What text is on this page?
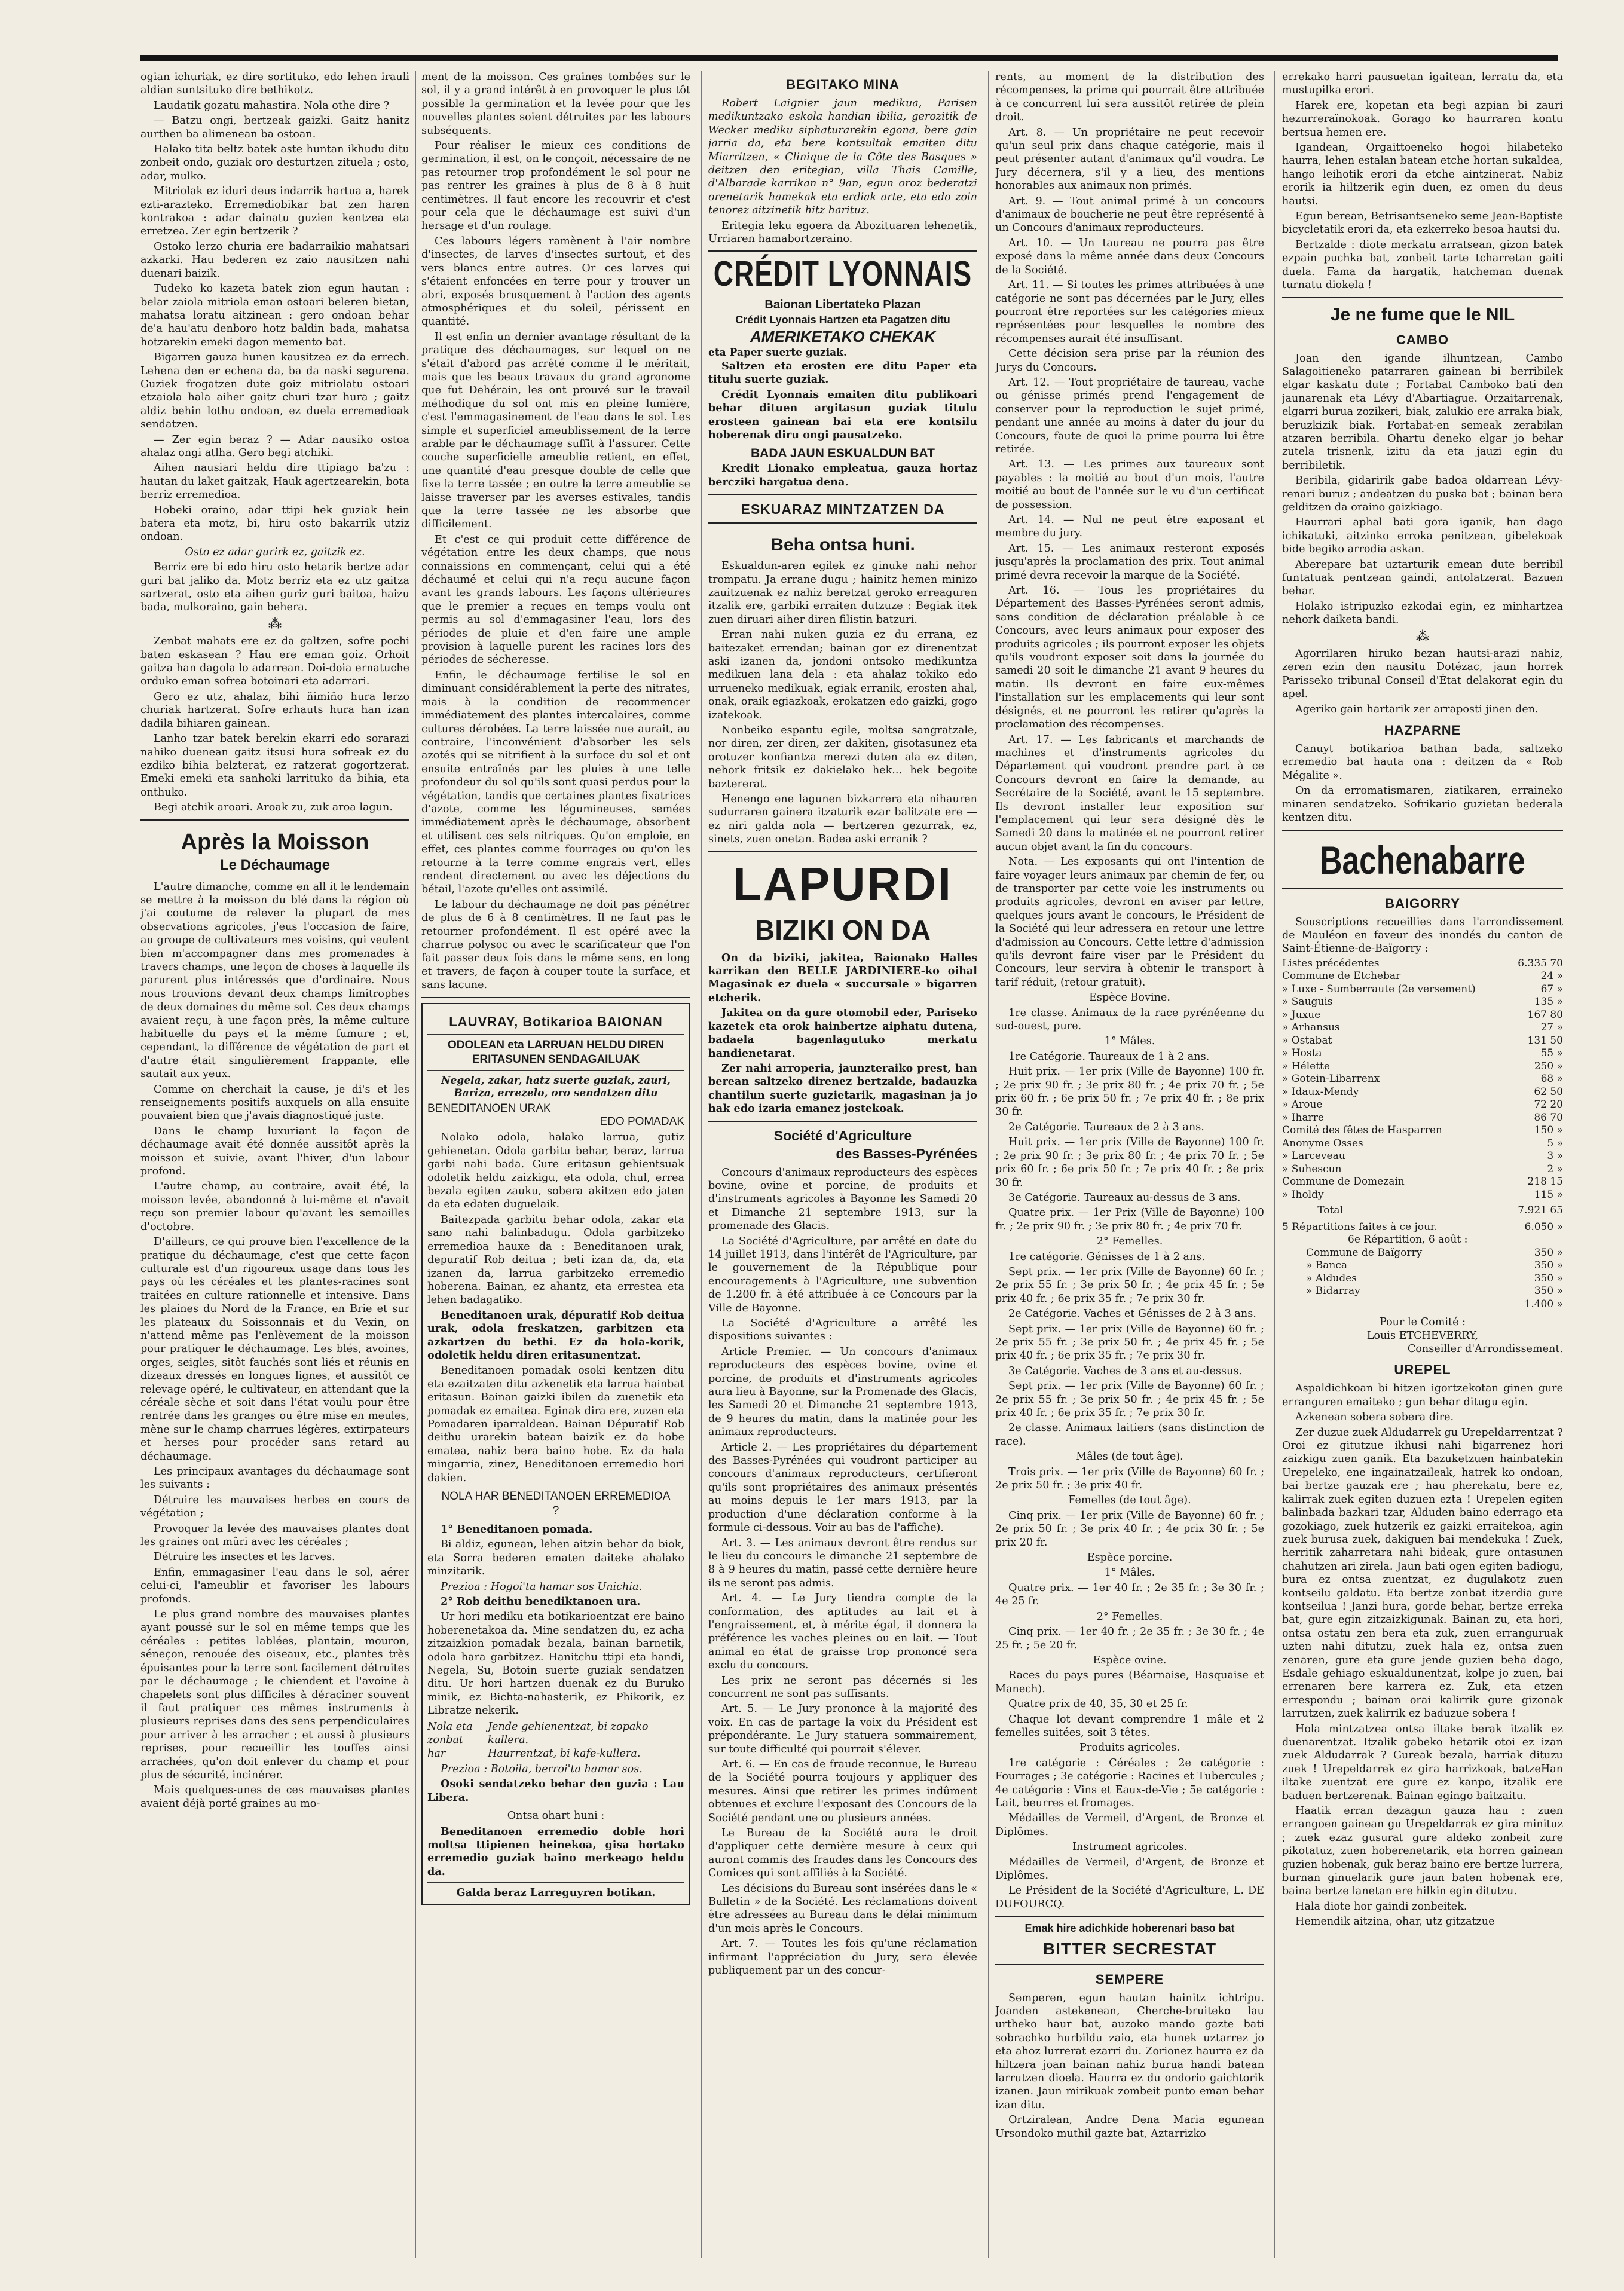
ogian ichuriak, ez dire sortituko, edo lehen irauli aldian suntsituko dire bethikotz.

Laudatik gozatu mahastira. Nola othe dire ?

— Batzu ongi, bertzeak gaizki. Gaitz hanitz aurthen ba alimenean ba ostoan.

Halako tita beltz batek aste huntan ikhudu ditu zonbeit ondo, guziak oro desturtzen zituela ; osto, adar, mulko.

Mitriolak ez iduri deus indarrik hartua a, harek ezti-arazteko. Erremediobikar bat zen haren kontrakoa : adar dainatu guzien kentzea eta erretzea. Zer egin bertzerik ?

Ostoko lerzo churia ere badarraikio mahatsari azkarki. Hau bederen ez zaio nausitzen nahi duenari baizik.

Tudeko ko kazeta batek zion egun hautan : belar zaiola mitriola eman ostoari beleren bietan, mahatsa loratu aitzinean : gero ondoan behar de'a hau'atu denboro hotz baldin bada, mahatsa hotzarekin emeki dagon memento bat.

Bigarren gauza hunen kausitzea ez da errech. Lehena den er echena da, ba da naski segurena. Guziek frogatzen dute goiz mitriolatu ostoari etzaiola hala aiher gaitz churi tzar hura ; gaitz aldiz behin lothu ondoan, ez duela erremedioak sendatzen.

— Zer egin beraz ? — Adar nausiko ostoa ahalaz ongi atlha. Gero begi atchiki.

Aihen nausiari heldu dire ttipiago ba'zu : hautan du laket gaitzak, Hauk agertzearekin, bota berriz erremedioa.

Hobeki oraino, adar ttipi hek guziak hein batera eta motz, bi, hiru osto bakarrik utziz ondoan.

Osto ez adar gurirk ez, gaitzik ez.

Berriz ere bi edo hiru osto hetarik bertze adar guri bat jaliko da. Motz berriz eta ez utz gaitza sartzerat, osto eta aihen guriz guri baitoa, haizu bada, mulkoraino, gain behera.

⁂

Zenbat mahats ere ez da galtzen, sofre pochi baten eskasean ? Hau ere eman goiz. Orhoit gaitza han dagola lo adarrean. Doi-doia ernatuche orduko eman sofrea botoinari eta adarrari.

Gero ez utz, ahalaz, bihi ñimiño hura lerzo churiak hartzerat. Sofre erhauts hura han izan dadila bihiaren gainean.

Lanho tzar batek berekin ekarri edo sorarazi nahiko duenean gaitz itsusi hura sofreak ez du ezdiko bihia belzterat, ez ratzerat gogortzerat. Emeki emeki eta sanhoki larrituko da bihia, eta onthuko.

Begi atchik aroari. Aroak zu, zuk aroa lagun.

Après la Moisson
Le Déchaumage

L'autre dimanche, comme en all it le lendemain se mettre à la moisson du blé dans la région où j'ai coutume de relever la plupart de mes observations agricoles, j'eus l'occasion de faire, au groupe de cultivateurs mes voisins, qui veulent bien m'accompagner dans mes promenades à travers champs, une leçon de choses à laquelle ils parurent plus intéressés que d'ordinaire. Nous nous trouvions devant deux champs limitrophes de deux domaines du même sol. Ces deux champs avaient reçu, à une façon près, la même culture habituelle du pays et la même fumure ; et, cependant, la différence de végétation de part et d'autre était singulièrement frappante, elle sautait aux yeux.

Comme on cherchait la cause, je di's et les renseignements positifs auxquels on alla ensuite pouvaient bien que j'avais diagnostiqué juste.

Dans le champ luxuriant la façon de déchaumage avait été donnée aussitôt après la moisson et suivie, avant l'hiver, d'un labour profond.

L'autre champ, au contraire, avait été, la moisson levée, abandonné à lui-même et n'avait reçu son premier labour qu'avant les semailles d'octobre.

D'ailleurs, ce qui prouve bien l'excellence de la pratique du déchaumage, c'est que cette façon culturale est d'un rigoureux usage dans tous les pays où les céréales et les plantes-racines sont traitées en culture rationnelle et intensive. Dans les plaines du Nord de la France, en Brie et sur les plateaux du Soissonnais et du Vexin, on n'attend même pas l'enlèvement de la moisson pour pratiquer le déchaumage. Les blés, avoines, orges, seigles, sitôt fauchés sont liés et réunis en dizeaux dressés en longues lignes, et aussitôt ce relevage opéré, le cultivateur, en attendant que la céréale sèche et soit dans l'état voulu pour être rentrée dans les granges ou être mise en meules, mène sur le champ charrues légères, extirpateurs et herses pour procéder sans retard au déchaumage.

Les principaux avantages du déchaumage sont les suivants :

Détruire les mauvaises herbes en cours de végétation ;

Provoquer la levée des mauvaises plantes dont les graines ont mûri avec les céréales ;

Détruire les insectes et les larves.

Enfin, emmagasiner l'eau dans le sol, aérer celui-ci, l'ameublir et favoriser les labours profonds.

Le plus grand nombre des mauvaises plantes ayant poussé sur le sol en même temps que les céréales : petites lablées, plantain, mouron, séneçon, renouée des oiseaux, etc., plantes très épuisantes pour la terre sont facilement détruites par le déchaumage ; le chiendent et l'avoine à chapelets sont plus difficiles à déraciner souvent il faut pratiquer ces mêmes instruments à plusieurs reprises dans des sens perpendiculaires pour arriver à les arracher ; et aussi à plusieurs reprises, pour recueillir les touffes ainsi arrachées, qu'on doit enlever du champ et pour plus de sécurité, incinérer.

Mais quelques-unes de ces mauvaises plantes avaient déjà porté graines au mo-

ment de la moisson. Ces graines tombées sur le sol, il y a grand intérêt à en provoquer le plus tôt possible la germination et la levée pour que les nouvelles plantes soient détruites par les labours subséquents.

Pour réaliser le mieux ces conditions de germination, il est, on le conçoit, nécessaire de ne pas retourner trop profondément le sol pour ne pas rentrer les graines à plus de 8 à 8 huit centimètres. Il faut encore les recouvrir et c'est pour cela que le déchaumage est suivi d'un hersage et d'un roulage.

Ces labours légers ramènent à l'air nombre d'insectes, de larves d'insectes surtout, et des vers blancs entre autres. Or ces larves qui s'étaient enfoncées en terre pour y trouver un abri, exposés brusquement à l'action des agents atmosphériques et du soleil, périssent en quantité.

Il est enfin un dernier avantage résultant de la pratique des déchaumages, sur lequel on ne s'était d'abord pas arrêté comme il le méritait, mais que les beaux travaux du grand agronome que fut Dehérain, les ont prouvé sur le travail méthodique du sol ont mis en pleine lumière, c'est l'emmagasinement de l'eau dans le sol. Les simple et superficiel ameublissement de la terre arable par le déchaumage suffit à l'assurer. Cette couche superficielle ameublie retient, en effet, une quantité d'eau presque double de celle que fixe la terre tassée ; en outre la terre ameublie se laisse traverser par les averses estivales, tandis que la terre tassée ne les absorbe que difficilement.

Et c'est ce qui produit cette différence de végétation entre les deux champs, que nous connaissions en commençant, celui qui a été déchaumé et celui qui n'a reçu aucune façon avant les grands labours. Les façons ultérieures que le premier a reçues en temps voulu ont permis au sol d'emmagasiner l'eau, lors des périodes de pluie et d'en faire une ample provision à laquelle purent les racines lors des périodes de sécheresse.

Enfin, le déchaumage fertilise le sol en diminuant considérablement la perte des nitrates, mais à la condition de recommencer immédiatement des plantes intercalaires, comme cultures dérobées. La terre laissée nue aurait, au contraire, l'inconvénient d'absorber les sels azotés qui se nitrifient à la surface du sol et ont ensuite entraînés par les pluies à une telle profondeur du sol qu'ils sont quasi perdus pour la végétation, tandis que certaines plantes fixatrices d'azote, comme les légumineuses, semées immédiatement après le déchaumage, absorbent et utilisent ces sels nitriques. Qu'on emploie, en effet, ces plantes comme fourrages ou qu'on les retourne à la terre comme engrais vert, elles rendent directement ou avec les déjections du bétail, l'azote qu'elles ont assimilé.

Le labour du déchaumage ne doit pas pénétrer de plus de 6 à 8 centimètres. Il ne faut pas le retourner profondément. Il est opéré avec la charrue polysoc ou avec le scarificateur que l'on fait passer deux fois dans le même sens, en long et travers, de façon à couper toute la surface, et sans lacune.

LAUVRAY, Botikarioa BAIONAN
ODOLEAN eta LARRUAN HELDU DIREN ERITASUNEN SENDAGAILUAK
Negela, zakar, hatz suerte guziak, zauri, Bariza, errezelo, oro sendatzen ditu
BENEDITANOEN URAK
EDO POMADAK

Nolako odola, halako larrua, gutiz gehienetan. Odola garbitu behar, beraz, larrua garbi nahi bada. Gure eritasun gehientsuak odoletik heldu zaizkigu, eta odola, chul, errea bezala egiten zauku, sobera akitzen edo jaten da eta edaten duguelaik.

Baitezpada garbitu behar odola, zakar eta sano nahi balinbadugu. Odola garbitzeko erremedioa hauxe da : Beneditanoen urak, depuratif Rob deitua ; beti izan da, da, eta izanen da, larrua garbitzeko erremedio hoberena. Bainan, ez ahantz, eta errestea eta lehen badagatiko.

Beneditanoen urak, dépuratif Rob deitua urak, odola freskatzen, garbitzen eta azkartzen du bethi. Ez da hola-korik, odoletik heldu diren eritasunentzat.

Beneditanoen pomadak osoki kentzen ditu eta ezaitzaten ditu azkenetik eta larrua hainbat eritasun. Bainan gaizki ibilen da zuenetik eta pomadak ez emaitea. Eginak dira ere, zuzen eta Pomadaren iparraldean. Bainan Dépuratif Rob deithu urarekin batean baizik ez da hobe ematea, nahiz bera baino hobe. Ez da hala mingarria, zinez, Beneditanoen erremedio hori dakien.

NOLA HAR BENEDITANOEN ERREMEDIOA ?

1° Beneditanoen pomada.

Bi aldiz, egunean, lehen aitzin behar da biok, eta Sorra bederen ematen daiteke ahalako minzitarik.

Prezioa : Hogoi'ta hamar sos Unichia.

2° Rob deithu benediktanoen ura.

Ur hori mediku eta botikarioentzat ere baino hoberenetakoa da. Mine sendatzen du, ez acha zitzaizkion pomadak bezala, bainan barnetik, odola hara garbitzez. Hanitchu ttipi eta handi, Negela, Su, Botoin suerte guziak sendatzen ditu. Ur hori hartzen duenak ez du Buruko minik, ez Bichta-nahasterik, ez Phikorik, ez Libratze nekerik.

Nola eta
zonbat har
Jende gehienentzat, bi zopako kullera.
Haurrentzat, bi kafe-kullera.

Prezioa : Botoila, berroi'ta hamar sos.

Osoki sendatzeko behar den guzia : Lau Libera.

Ontsa ohart huni :

Beneditanoen erremedio doble hori moltsa ttipienen heinekoa, gisa hortako erremedio guziak baino merkeago heldu da.

Galda beraz Larreguyren botikan.
BEGITAKO MINA

Robert Laignier jaun medikua, Parisen medikuntzako eskola handian ibilia, gerozitik de Wecker mediku siphaturarekin egona, bere gain jarria da, eta bere kontsultak emaiten ditu Miarritzen, « Clinique de la Côte des Basques » deitzen den eritegian, villa Thais Camille, d'Albarade karrikan n° 9an, egun oroz bederatzi orenetarik hamekak eta erdiak arte, eta edo zoin tenorez aitzinetik hitz harituz.

Eritegia leku egoera da Abozituaren lehenetik, Urriaren hamabortzeraino.

CRÉDIT LYONNAIS
Baionan Libertateko Plazan
Crédit Lyonnais Hartzen eta Pagatzen ditu
AMERIKETAKO CHEKAK
eta Paper suerte guziak.

Saltzen eta erosten ere ditu Paper eta titulu suerte guziak.

Crédit Lyonnais emaiten ditu publikoari behar dituen argitasun guziak titulu erosteen gainean bai eta ere kontsilu hoberenak diru ongi pausatzeko.

BADA JAUN ESKUALDUN BAT

Kredit Lionako empleatua, gauza hortaz bercziki hargatua dena.

ESKUARAZ MINTZATZEN DA
Beha ontsa huni.

Eskualdun-aren egilek ez ginuke nahi nehor trompatu. Ja errane dugu ; hainitz hemen minizo zauitzuenak ez nahiz beretzat geroko erreaguren itzalik ere, garbiki erraiten dutzuze : Begiak itek zuen diruari aiher diren filistin batzuri.

Erran nahi nuken guzia ez du errana, ez baitezaket errendan; bainan gor ez direnentzat aski izanen da, jondoni ontsoko medikuntza medikuen lana dela : eta ahalaz tokiko edo urrueneko medikuak, egiak erranik, erosten ahal, onak, oraik egiazkoak, erokatzen edo gaizki, gogo izatekoak.

Nonbeiko espantu egile, moltsa sangratzale, nor diren, zer diren, zer dakiten, gisotasunez eta orotuzer konfiantza merezi duten ala ez diten, nehork fritsik ez dakielako hek... hek begoite baztererat.

Henengo ene lagunen bizkarrera eta nihauren sudurraren gainera itzaturik ezar balitzate ere — ez niri galda nola — bertzeren gezurrak, ez, sinets, zuen onetan. Badea aski erranik ?

LAPURDI
BIZIKI ON DA

On da biziki, jakitea, Baionako Halles karrikan den BELLE JARDINIERE-ko oihal Magasinak ez duela « succursale » bigarren etcherik.

Jakitea on da gure otomobil eder, Pariseko kazetek eta orok hainbertze aiphatu dutena, badaela bagenlagutuko merkatu handienetarat.

Zer nahi arroperia, jaunzteraiko prest, han berean saltzeko direnez bertzalde, badauzka chantilun suerte guzietarik, magasinan ja jo hak edo izaria emanez jostekoak.

Société d'Agriculture
des Basses-Pyrénées

Concours d'animaux reproducteurs des espèces bovine, ovine et porcine, de produits et d'instruments agricoles à Bayonne les Samedi 20 et Dimanche 21 septembre 1913, sur la promenade des Glacis.

La Société d'Agriculture, par arrêté en date du 14 juillet 1913, dans l'intérêt de l'Agriculture, par le gouvernement de la République pour encouragements à l'Agriculture, une subvention de 1.200 fr. à été attribuée à ce Concours par la Ville de Bayonne.

La Société d'Agriculture a arrêté les dispositions suivantes :

Article Premier. — Un concours d'animaux reproducteurs des espèces bovine, ovine et porcine, de produits et d'instruments agricoles aura lieu à Bayonne, sur la Promenade des Glacis, les Samedi 20 et Dimanche 21 septembre 1913, de 9 heures du matin, dans la matinée pour les animaux reproducteurs.

Article 2. — Les propriétaires du département des Basses-Pyrénées qui voudront participer au concours d'animaux reproducteurs, certifieront qu'ils sont propriétaires des animaux présentés au moins depuis le 1er mars 1913, par la production d'une déclaration conforme à la formule ci-dessous. Voir au bas de l'affiche).

Art. 3. — Les animaux devront être rendus sur le lieu du concours le dimanche 21 septembre de 8 à 9 heures du matin, passé cette dernière heure ils ne seront pas admis.

Art. 4. — Le Jury tiendra compte de la conformation, des aptitudes au lait et à l'engraissement, et, à mérite égal, il donnera la préférence les vaches pleines ou en lait. — Tout animal en état de graisse trop prononcé sera exclu du concours.

Les prix ne seront pas décernés si les concurrent ne sont pas suffisants.

Art. 5. — Le Jury prononce à la majorité des voix. En cas de partage la voix du Président est prépondérante. Le Jury statuera sommairement, sur toute difficulté qui pourrait s'élever.

Art. 6. — En cas de fraude reconnue, le Bureau de la Société pourra toujours y appliquer des mesures. Ainsi que retirer les primes indûment obtenues et exclure l'exposant des Concours de la Société pendant une ou plusieurs années.

Le Bureau de la Société aura le droit d'appliquer cette dernière mesure à ceux qui auront commis des fraudes dans les Concours des Comices qui sont affiliés à la Société.

Les décisions du Bureau sont insérées dans le « Bulletin » de la Société. Les réclamations doivent être adressées au Bureau dans le délai minimum d'un mois après le Concours.

Art. 7. — Toutes les fois qu'une réclamation infirmant l'appréciation du Jury, sera élevée publiquement par un des concur-

rents, au moment de la distribution des récompenses, la prime qui pourrait être attribuée à ce concurrent lui sera aussitôt retirée de plein droit.

Art. 8. — Un propriétaire ne peut recevoir qu'un seul prix dans chaque catégorie, mais il peut présenter autant d'animaux qu'il voudra. Le Jury décernera, s'il y a lieu, des mentions honorables aux animaux non primés.

Art. 9. — Tout animal primé à un concours d'animaux de boucherie ne peut être représenté à un Concours d'animaux reproducteurs.

Art. 10. — Un taureau ne pourra pas être exposé dans la même année dans deux Concours de la Société.

Art. 11. — Si toutes les primes attribuées à une catégorie ne sont pas décernées par le Jury, elles pourront être reportées sur les catégories mieux représentées pour lesquelles le nombre des récompenses aurait été insuffisant.

Cette décision sera prise par la réunion des Jurys du Concours.

Art. 12. — Tout propriétaire de taureau, vache ou génisse primés prend l'engagement de conserver pour la reproduction le sujet primé, pendant une année au moins à dater du jour du Concours, faute de quoi la prime pourra lui être retirée.

Art. 13. — Les primes aux taureaux sont payables : la moitié au bout d'un mois, l'autre moitié au bout de l'année sur le vu d'un certificat de possession.

Art. 14. — Nul ne peut être exposant et membre du jury.

Art. 15. — Les animaux resteront exposés jusqu'après la proclamation des prix. Tout animal primé devra recevoir la marque de la Société.

Art. 16. — Tous les propriétaires du Département des Basses-Pyrénées seront admis, sans condition de déclaration préalable à ce Concours, avec leurs animaux pour exposer des produits agricoles ; ils pourront exposer les objets qu'ils voudront exposer soit dans la journée du samedi 20 soit le dimanche 21 avant 9 heures du matin. Ils devront en faire eux-mêmes l'installation sur les emplacements qui leur sont désignés, et ne pourront les retirer qu'après la proclamation des récompenses.

Art. 17. — Les fabricants et marchands de machines et d'instruments agricoles du Département qui voudront prendre part à ce Concours devront en faire la demande, au Secrétaire de la Société, avant le 15 septembre. Ils devront installer leur exposition sur l'emplacement qui leur sera désigné dès le Samedi 20 dans la matinée et ne pourront retirer aucun objet avant la fin du concours.

Nota. — Les exposants qui ont l'intention de faire voyager leurs animaux par chemin de fer, ou de transporter par cette voie les instruments ou produits agricoles, devront en aviser par lettre, quelques jours avant le concours, le Président de la Société qui leur adressera en retour une lettre d'admission au Concours. Cette lettre d'admission qu'ils devront faire viser par le Président du Concours, leur servira à obtenir le transport à tarif réduit, (retour gratuit).

Espèce Bovine.

1re classe. Animaux de la race pyrénéenne du sud-ouest, pure.

1° Mâles.

1re Catégorie. Taureaux de 1 à 2 ans.

Huit prix. — 1er prix (Ville de Bayonne) 100 fr. ; 2e prix 90 fr. ; 3e prix 80 fr. ; 4e prix 70 fr. ; 5e prix 60 fr. ; 6e prix 50 fr. ; 7e prix 40 fr. ; 8e prix 30 fr.

2e Catégorie. Taureaux de 2 à 3 ans.

Huit prix. — 1er prix (Ville de Bayonne) 100 fr. ; 2e prix 90 fr. ; 3e prix 80 fr. ; 4e prix 70 fr. ; 5e prix 60 fr. ; 6e prix 50 fr. ; 7e prix 40 fr. ; 8e prix 30 fr.

3e Catégorie. Taureaux au-dessus de 3 ans.

Quatre prix. — 1er Prix (Ville de Bayonne) 100 fr. ; 2e prix 90 fr. ; 3e prix 80 fr. ; 4e prix 70 fr.

2° Femelles.

1re catégorie. Génisses de 1 à 2 ans.

Sept prix. — 1er prix (Ville de Bayonne) 60 fr. ; 2e prix 55 fr. ; 3e prix 50 fr. ; 4e prix 45 fr. ; 5e prix 40 fr. ; 6e prix 35 fr. ; 7e prix 30 fr.

2e Catégorie. Vaches et Génisses de 2 à 3 ans.

Sept prix. — 1er prix (Ville de Bayonne) 60 fr. ; 2e prix 55 fr. ; 3e prix 50 fr. ; 4e prix 45 fr. ; 5e prix 40 fr. ; 6e prix 35 fr. ; 7e prix 30 fr.

3e Catégorie. Vaches de 3 ans et au-dessus.

Sept prix. — 1er prix (Ville de Bayonne) 60 fr. ; 2e prix 55 fr. ; 3e prix 50 fr. ; 4e prix 45 fr. ; 5e prix 40 fr. ; 6e prix 35 fr. ; 7e prix 30 fr.

2e classe. Animaux laitiers (sans distinction de race).

Mâles (de tout âge).

Trois prix. — 1er prix (Ville de Bayonne) 60 fr. ; 2e prix 50 fr. ; 3e prix 40 fr.

Femelles (de tout âge).

Cinq prix. — 1er prix (Ville de Bayonne) 60 fr. ; 2e prix 50 fr. ; 3e prix 40 fr. ; 4e prix 30 fr. ; 5e prix 20 fr.

Espèce porcine.

1° Mâles.

Quatre prix. — 1er 40 fr. ; 2e 35 fr. ; 3e 30 fr. ; 4e 25 fr.

2° Femelles.

Cinq prix. — 1er 40 fr. ; 2e 35 fr. ; 3e 30 fr. ; 4e 25 fr. ; 5e 20 fr.

Espèce ovine.

Races du pays pures (Béarnaise, Basquaise et Manech).

Quatre prix de 40, 35, 30 et 25 fr.

Chaque lot devant comprendre 1 mâle et 2 femelles suitées, soit 3 têtes.

Produits agricoles.

1re catégorie : Céréales ; 2e catégorie : Fourrages ; 3e catégorie : Racines et Tubercules ; 4e catégorie : Vins et Eaux-de-Vie ; 5e catégorie : Lait, beurres et fromages.

Médailles de Vermeil, d'Argent, de Bronze et Diplômes.

Instrument agricoles.

Médailles de Vermeil, d'Argent, de Bronze et Diplômes.

Le Président de la Société d'Agriculture, L. DE DUFOURCQ.

Emak hire adichkide hoberenari baso bat
BITTER SECRESTAT
SEMPERE

Semperen, egun hautan hainitz ichtripu. Joanden astekenean, Cherche-bruiteko lau urtheko haur bat, auzoko mando gazte bati sobrachko hurbildu zaio, eta hunek uztarrez jo eta ahoz lurrerat ezarri du. Zorionez haurra ez da hiltzera joan bainan nahiz burua handi batean larrutzen dioela. Haurra ez du ondorio gaichtorik izanen. Jaun mirikuak zombeit punto eman behar izan ditu.

Ortziralean, Andre Dena Maria egunean Ursondoko muthil gazte bat, Aztarrizko

errekako harri pausuetan igaitean, lerratu da, eta mustupilka erori.

Harek ere, kopetan eta begi azpian bi zauri hezurreraïnokoak. Gorago ko haurraren kontu bertsua hemen ere.

Igandean, Orgaittoeneko hogoi hilabeteko haurra, lehen estalan batean etche hortan sukaldea, hango leihotik erori da etche aintzinerat. Nabiz erorik ia hiltzerik egin duen, ez omen du deus hautsi.

Egun berean, Betrisantseneko seme Jean-Baptiste bicycletatik erori da, eta ezkerreko besoa hautsi du.

Bertzalde : diote merkatu arratsean, gizon batek ezpain puchka bat, zonbeit tarte tcharretan gaiti duela. Fama da hargatik, hatcheman duenak turnatu diokela !

Je ne fume que le NIL
CAMBO

Joan den igande ilhuntzean, Cambo Salagoitieneko patarraren gainean bi berribilek elgar kaskatu dute ; Fortabat Camboko bati den jaunarenak eta Lévy d'Abartiague. Orzaitarrenak, elgarri burua zozikeri, biak, zalukio ere arraka biak, beruzkizik biak. Fortabat-en semeak zerabilan atzaren berribila. Ohartu deneko elgar jo behar zutela trisnenk, izitu da eta jauzi egin du berribiletik.

Beribila, gidaririk gabe badoa oldarrean Lévy-renari buruz ; andeatzen du puska bat ; bainan bera gelditzen da oraino gaizkiago.

Haurrari aphal bati gora iganik, han dago ichikatuki, aitzinko erroka penitzean, gibelekoak bide begiko arrodia askan.

Aberepare bat uztarturik emean dute berribil funtatuak pentzean gaindi, antolatzerat. Bazuen behar.

Holako istripuzko ezkodai egin, ez minhartzea nehork daiketa bandi.

⁂

Agorrilaren hiruko bezan hautsi-arazi nahiz, zeren ezin den nausitu Dotézac, jaun horrek Parisseko tribunal Conseil d'État delakorat egin du apel.

Ageriko gain hartarik zer arraposti jinen den.

HAZPARNE

Canuyt botikarioa bathan bada, saltzeko erremedio bat hauta ona : deitzen da « Rob Mégalite ».

On da erromatismaren, ziatikaren, erraineko minaren sendatzeko. Sofrikario guzietan bederala kentzen ditu.

Bachenabarre
BAIGORRY

Souscriptions recueillies dans l'arrondissement de Mauléon en faveur des inondés du canton de Saint-Étienne-de-Baïgorry :

Listes précédentes	6.335 70
Commune de Etchebar	24 »
» Luxe - Sumberraute (2e versement)	67 »
» Sauguis	135 »
» Juxue	167 80
» Arhansus	27 »
» Ostabat	131 50
» Hosta	55 »
» Hélette	250 »
» Gotein-Libarrenx	68 »
» Idaux-Mendy	62 50
» Aroue	72 20
» Iharre	86 70
Comité des fêtes de Hasparren	150 »
Anonyme Osses	5 »
» Larceveau	3 »
» Suhescun	2 »
Commune de Domezain	218 15
» Iholdy	115 »
Total	7.921 65
5 Répartitions faites à ce jour.	6.050 »
6e Répartition, 6 août :	
Commune de Baïgorry	350 »
» Banca	350 »
» Aldudes	350 »
» Bidarray	350 »
	1.400 »
Pour le Comité :
Louis ETCHEVERRY,
Conseiller d'Arrondissement.
UREPEL

Aspaldichkoan bi hitzen igortzekotan ginen gure erranguren emaiteko ; gun behar ditugu egin.

Azkenean sobera sobera dire.

Zer duzue zuek Aldudarrek gu Urepeldarrentzat ? Oroi ez gitutzue ikhusi nahi bigarrenez hori zaizkigu zuen ganik. Eta bazuketzuen hainbatekin Urepeleko, ene ingainatzaileak, hatrek ko ondoan, bai bertze gauzak ere ; hau pherekatu, bere ez, kalirrak zuek egiten duzuen ezta ! Urepelen egiten balinbada bazkari tzar, Alduden baino ederrago eta gozokiago, zuek hutzerik ez gaizki erraitekoa, agin zuek burusa zuek, dakiguen bai mendekuka ! Zuek, herritik zaharretara nahi bideak, gure ontasunen chahutzen ari zirela. Jaun bati ogen egiten badiogu, bura ez ontsa zuentzat, ez dugulakotz zuen kontseilu galdatu. Eta bertze zonbat itzerdia gure kontseilua ! Janzi hura, gorde behar, bertze erreka bat, gure egin zitzaizkigunak. Bainan zu, eta hori, ontsa ostatu zen bera eta zuk, zuen erranguruak uzten nahi ditutzu, zuek hala ez, ontsa zuen zenaren, gure eta gure jende guzien beha dago, Esdale gehiago eskualdunentzat, kolpe jo zuen, bai errenaren bere karrera ez. Zuk, eta etzen errespondu ; bainan orai kalirrik gure gizonak larrutzen, zuek kalirrik ez baduzue sobera !

Hola mintzatzea ontsa iltake berak itzalik ez duenarentzat. Itzalik gabeko hetarik otoi ez izan zuek Aldudarrak ? Gureak bezala, harriak dituzu zuek ! Urepeldarrek ez gira harrizkoak, batzeHan iltake zuentzat ere gure ez kanpo, itzalik ere baduen bertzerenak. Bainan egingo baitzaitu.

Haatik erran dezagun gauza hau : zuen errangoen gainean gu Urepeldarrak ez gira minituz ; zuek ezaz gusurat gure aldeko zonbeit zure pikotatuz, zuen hoberenetarik, eta horren gainean guzien hobenak, guk beraz baino ere bertze lurrera, burnan ginuelarik gure jaun baten hobenak ere, baina bertze lanetan ere hilkin egin ditutzu.

Hala diote hor gaindi zonbeitek.

Hemendik aitzina, ohar, utz gitzatzue
